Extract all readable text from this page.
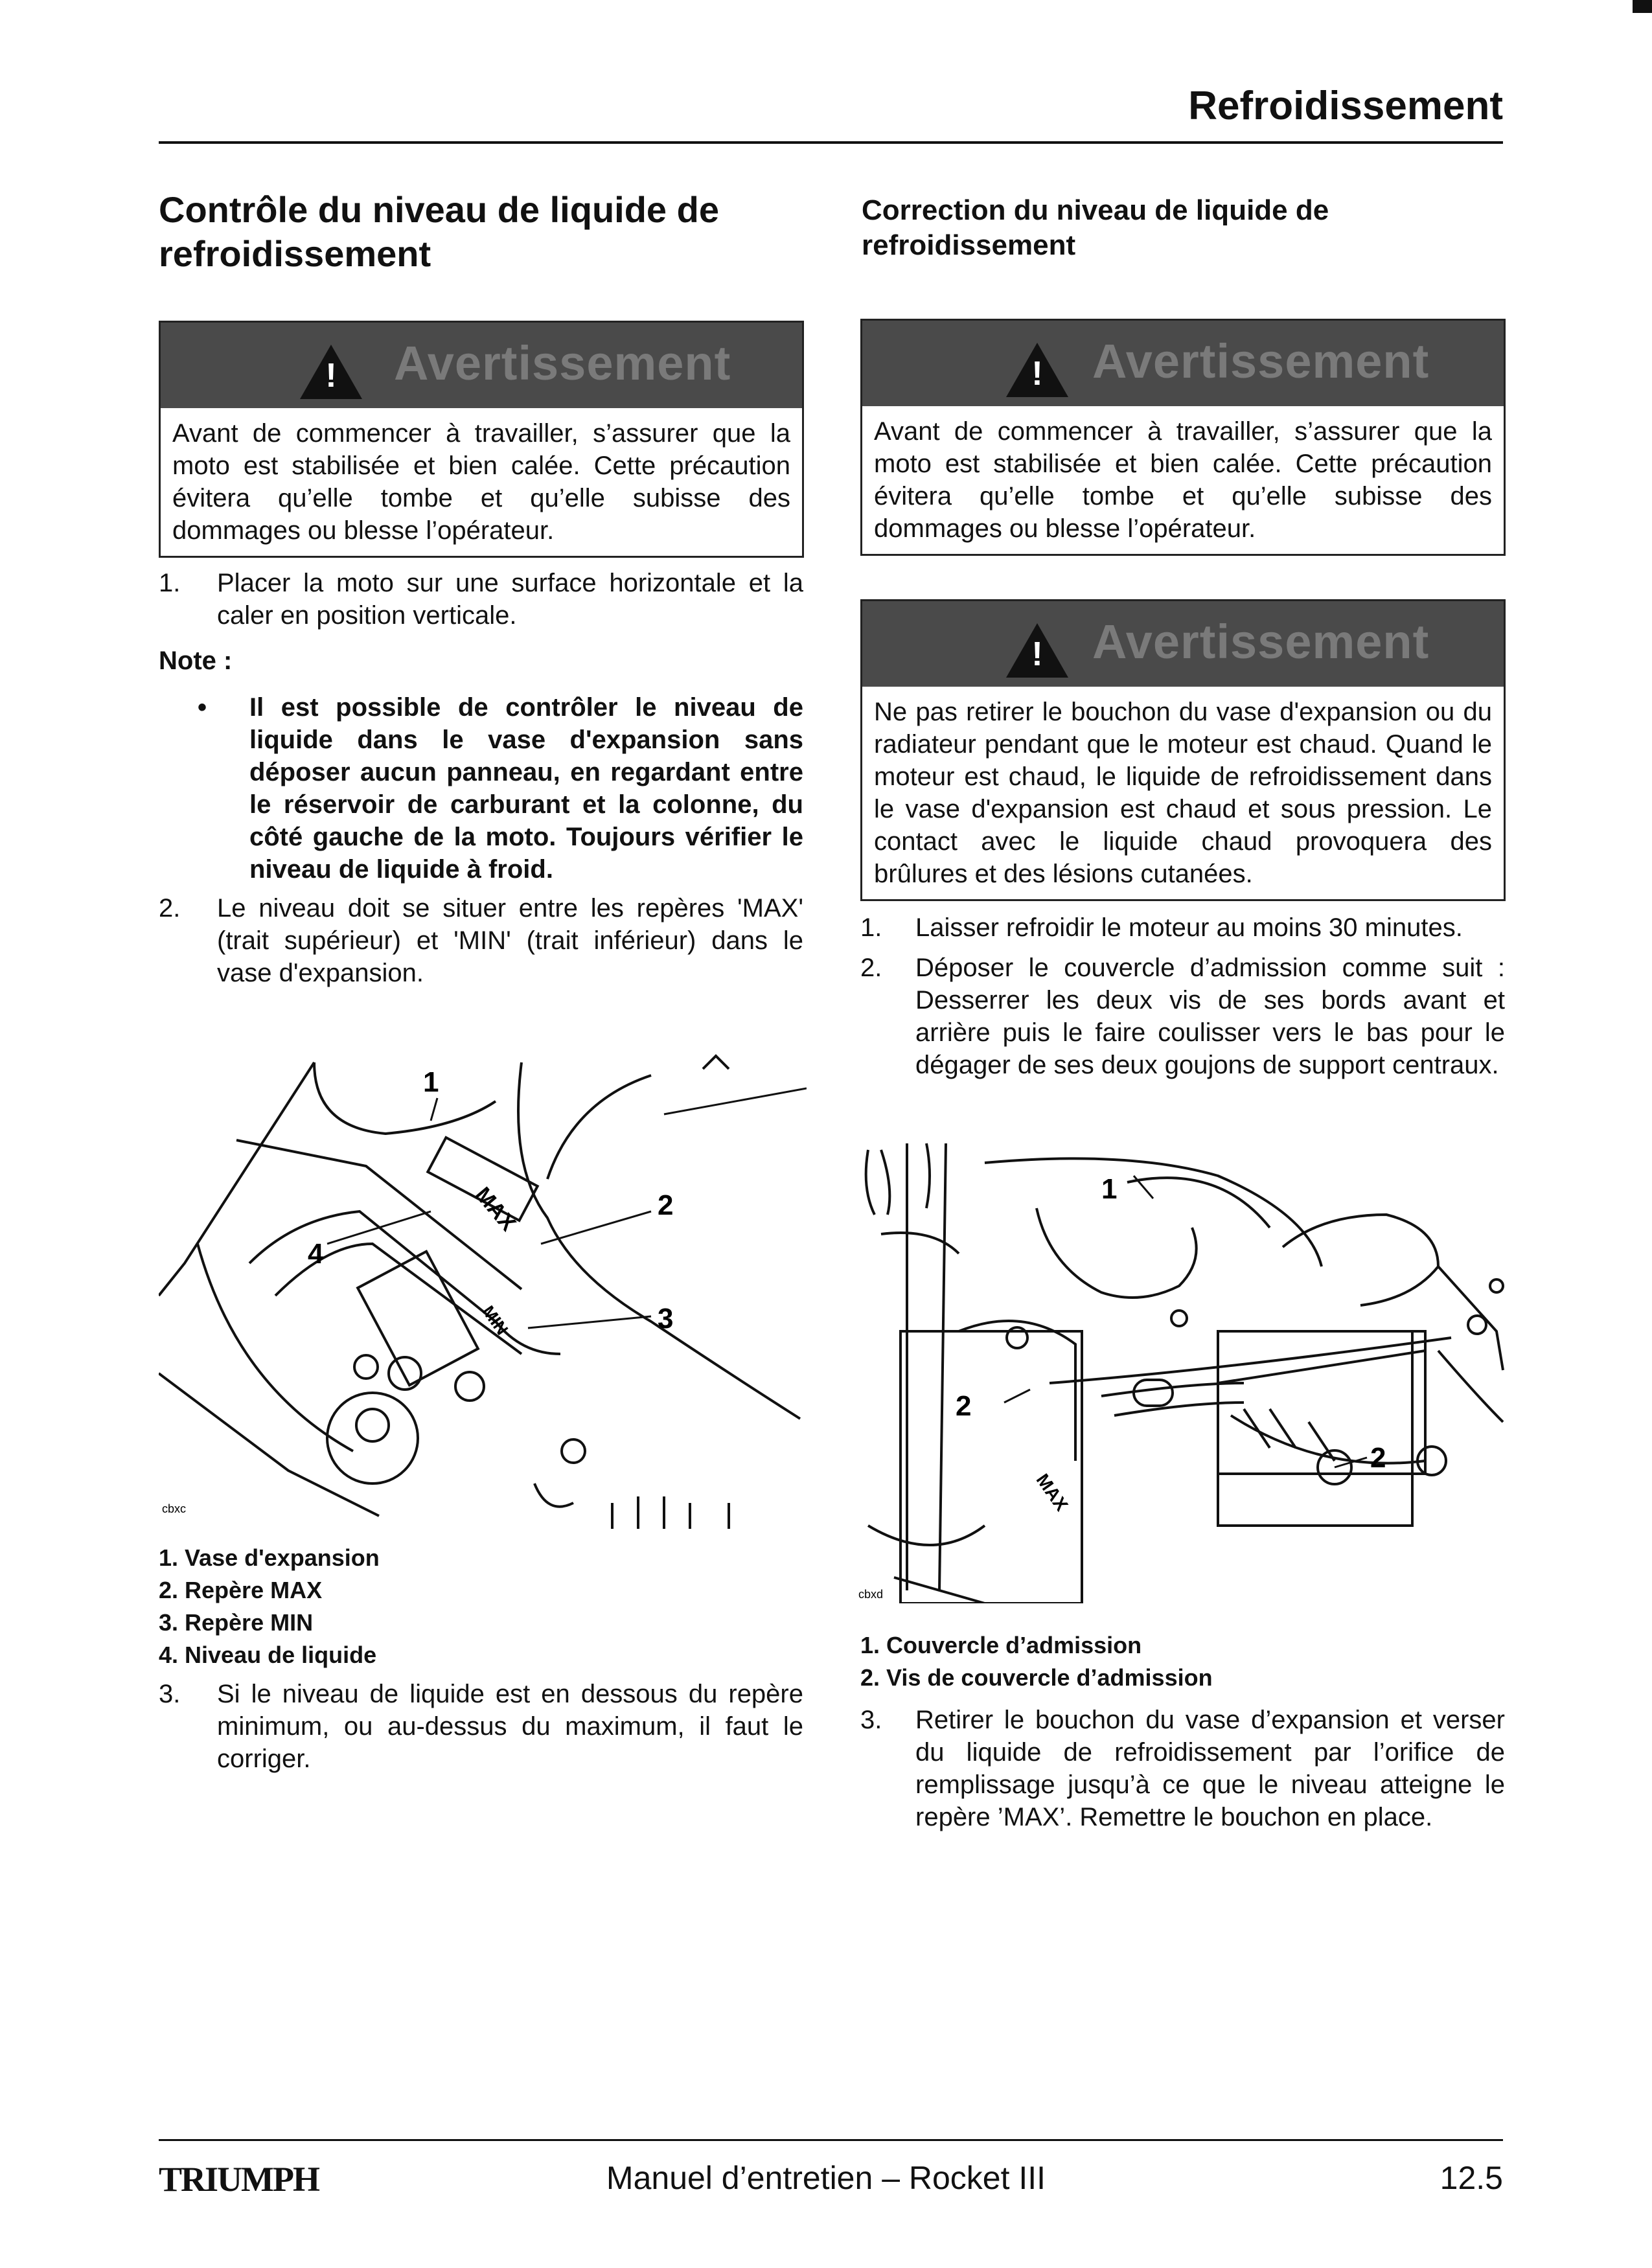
Refroidissement
Contrôle du niveau de liquide de refroidissement
! Avertissement
Avant de commencer à travailler, s’assurer que la moto est stabilisée et bien calée. Cette précaution évitera qu’elle tombe et qu’elle subisse des dommages ou blesse l’opérateur.
1. Placer la moto sur une surface horizontale et la caler en position verticale.
Note :
• Il est possible de contrôler le niveau de liquide dans le vase d'expansion sans déposer aucun panneau, en regardant entre le réservoir de carburant et la colonne, du côté gauche de la moto. Toujours vérifier le niveau de liquide à froid.
2. Le niveau doit se situer entre les repères 'MAX' (trait supérieur) et 'MIN' (trait inférieur) dans le vase d'expansion.
1
2
3
4
MAX
MIN
cbxc
1. Vase d'expansion
2. Repère MAX
3. Repère MIN
4. Niveau de liquide
3. Si le niveau de liquide est en dessous du repère minimum, ou au-dessus du maximum, il faut le corriger.
Correction du niveau de liquide de refroidissement
! Avertissement
Avant de commencer à travailler, s’assurer que la moto est stabilisée et bien calée. Cette précaution évitera qu’elle tombe et qu’elle subisse des dommages ou blesse l’opérateur.
! Avertissement
Ne pas retirer le bouchon du vase d'expansion ou du radiateur pendant que le moteur est chaud. Quand le moteur est chaud, le liquide de refroidissement dans le vase d'expansion est chaud et sous pression. Le contact avec le liquide chaud provoquera des brûlures et des lésions cutanées.
1. Laisser refroidir le moteur au moins 30 minutes.
2. Déposer le couvercle d’admission comme suit : Desserrer les deux vis de ses bords avant et arrière puis le faire coulisser vers le bas pour le dégager de ses deux goujons de support centraux.
1
2
2
MAX
cbxd
1. Couvercle d’admission
2. Vis de couvercle d’admission
3. Retirer le bouchon du vase d’expansion et verser du liquide de refroidissement par l’orifice de remplissage jusqu’à ce que le niveau atteigne le repère ’MAX’. Remettre le bouchon en place.
TRIUMPH	Manuel d’entretien – Rocket III	12.5
